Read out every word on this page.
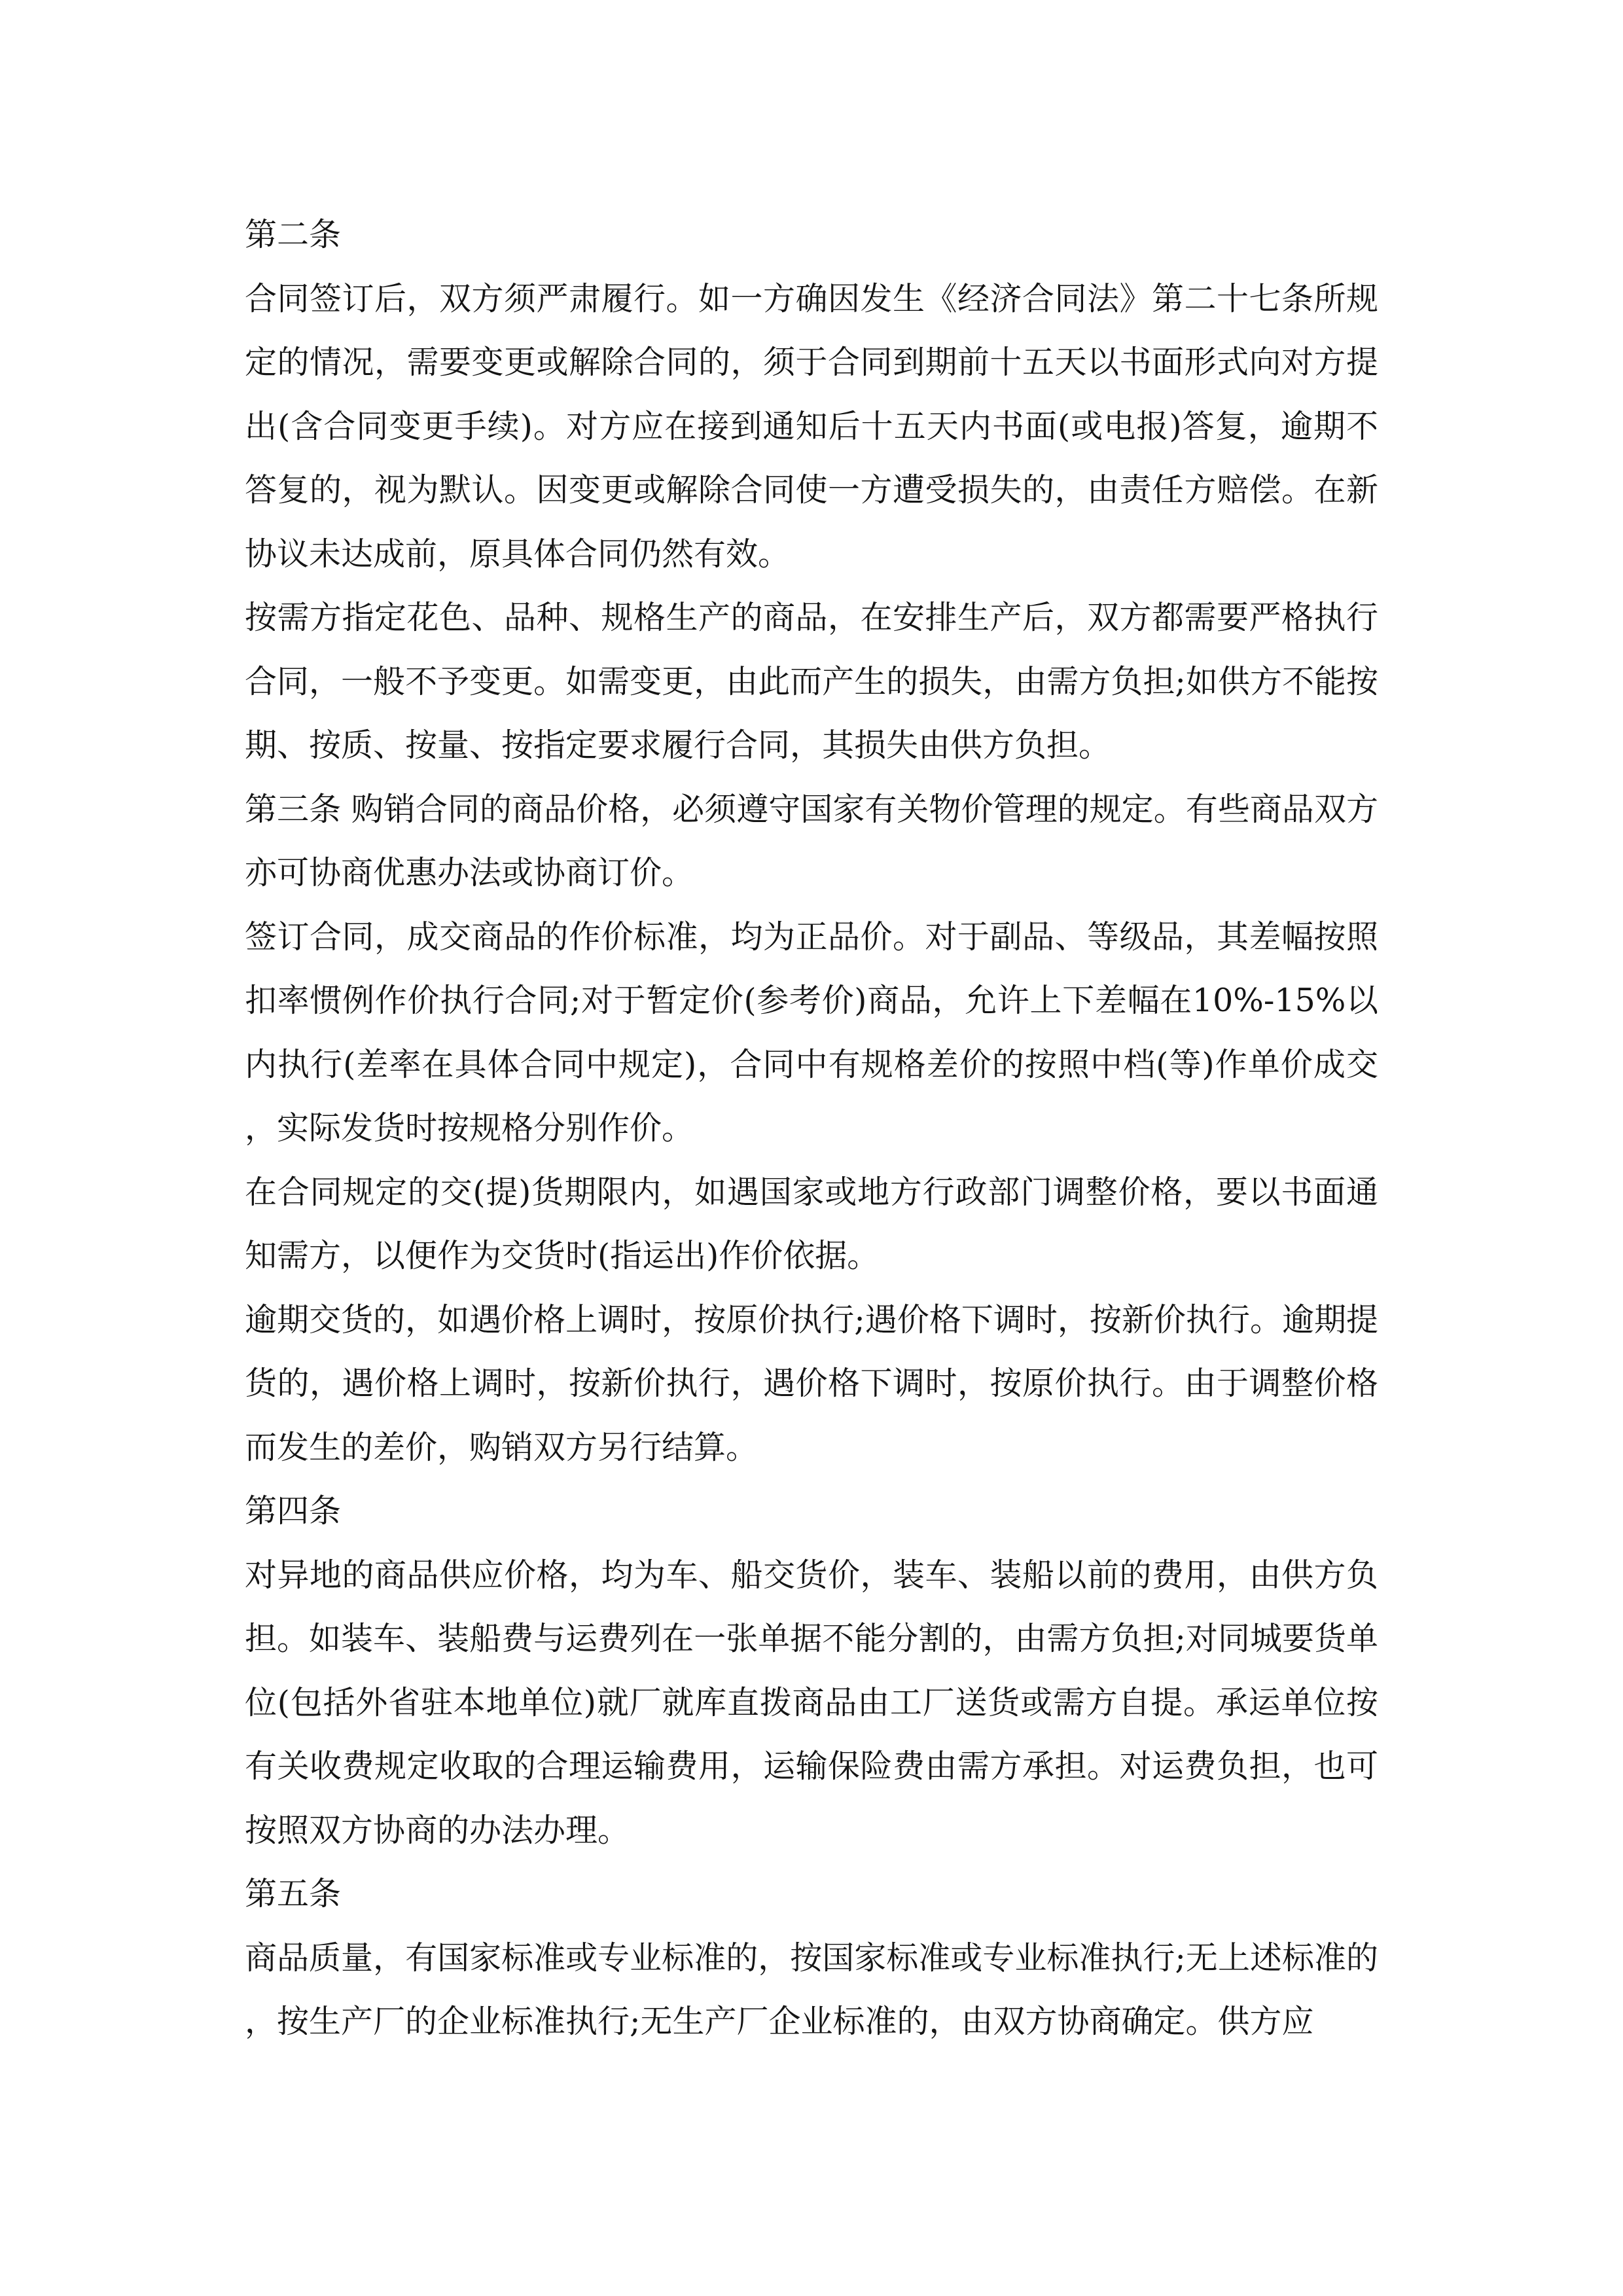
第二条

合同签订后，双方须严肃履行。如一方确因发生《经济合同法》第二十七条所规定的情况，需要变更或解除合同的，须于合同到期前十五天以书面形式向对方提出(含合同变更手续)。对方应在接到通知后十五天内书面(或电报)答复，逾期不答复的，视为默认。因变更或解除合同使一方遭受损失的，由责任方赔偿。在新协议未达成前，原具体合同仍然有效。

按需方指定花色、品种、规格生产的商品，在安排生产后，双方都需要严格执行合同，一般不予变更。如需变更，由此而产生的损失，由需方负担;如供方不能按期、按质、按量、按指定要求履行合同，其损失由供方负担。

第三条 购销合同的商品价格，必须遵守国家有关物价管理的规定。有些商品双方亦可协商优惠办法或协商订价。

签订合同，成交商品的作价标准，均为正品价。对于副品、等级品，其差幅按照扣率惯例作价执行合同;对于暂定价(参考价)商品，允许上下差幅在10%-15%以内执行(差率在具体合同中规定)，合同中有规格差价的按照中档(等)作单价成交，实际发货时按规格分别作价。

在合同规定的交(提)货期限内，如遇国家或地方行政部门调整价格，要以书面通知需方，以便作为交货时(指运出)作价依据。

逾期交货的，如遇价格上调时，按原价执行;遇价格下调时，按新价执行。逾期提货的，遇价格上调时，按新价执行，遇价格下调时，按原价执行。由于调整价格而发生的差价，购销双方另行结算。

第四条

对异地的商品供应价格，均为车、船交货价，装车、装船以前的费用，由供方负担。如装车、装船费与运费列在一张单据不能分割的，由需方负担;对同城要货单位(包括外省驻本地单位)就厂就库直拨商品由工厂送货或需方自提。承运单位按有关收费规定收取的合理运输费用，运输保险费由需方承担。对运费负担，也可按照双方协商的办法办理。

第五条

商品质量，有国家标准或专业标准的，按国家标准或专业标准执行;无上述标准的，按生产厂的企业标准执行;无生产厂企业标准的，由双方协商确定。供方应
